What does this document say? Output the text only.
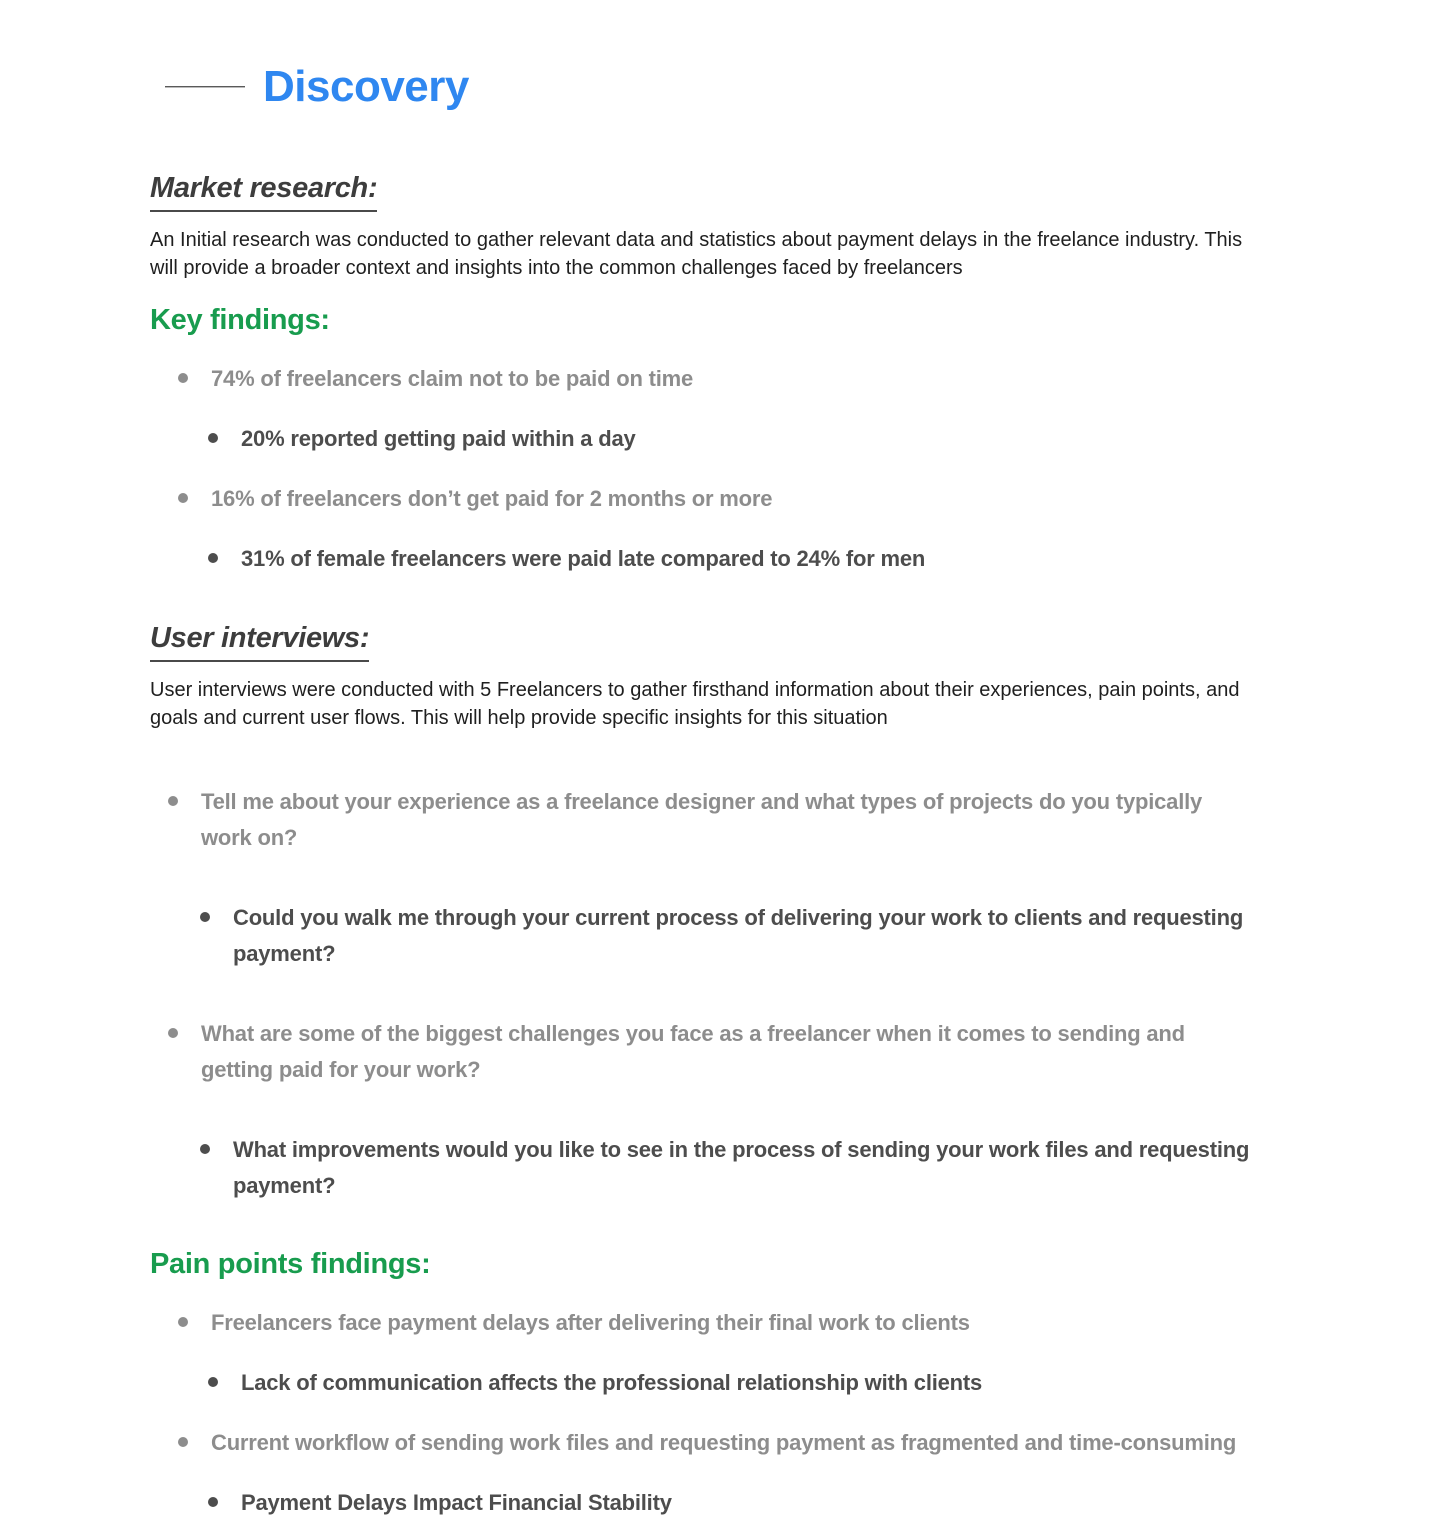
Discovery
Market research:

An Initial research was conducted to gather relevant data and statistics about payment delays in the freelance industry. This will provide a broader context and insights into the common challenges faced by freelancers

Key findings:
74% of freelancers claim not to be paid on time
20% reported getting paid within a day
16% of freelancers don’t get paid for 2 months or more
31% of female freelancers were paid late compared to 24% for men
User interviews:

User interviews were conducted with 5 Freelancers to gather firsthand information about their experiences, pain points, and goals and current user flows. This will help provide specific insights for this situation

Tell me about your experience as a freelance designer and what types of projects do you typically work on?
Could you walk me through your current process of delivering your work to clients and requesting payment?
What are some of the biggest challenges you face as a freelancer when it comes to sending and getting paid for your work?
What improvements would you like to see in the process of sending your work files and requesting payment?
Pain points findings:
Freelancers face payment delays after delivering their final work to clients
Lack of communication affects the professional relationship with clients
Current workflow of sending work files and requesting payment as fragmented and time-consuming
Payment Delays Impact Financial Stability
